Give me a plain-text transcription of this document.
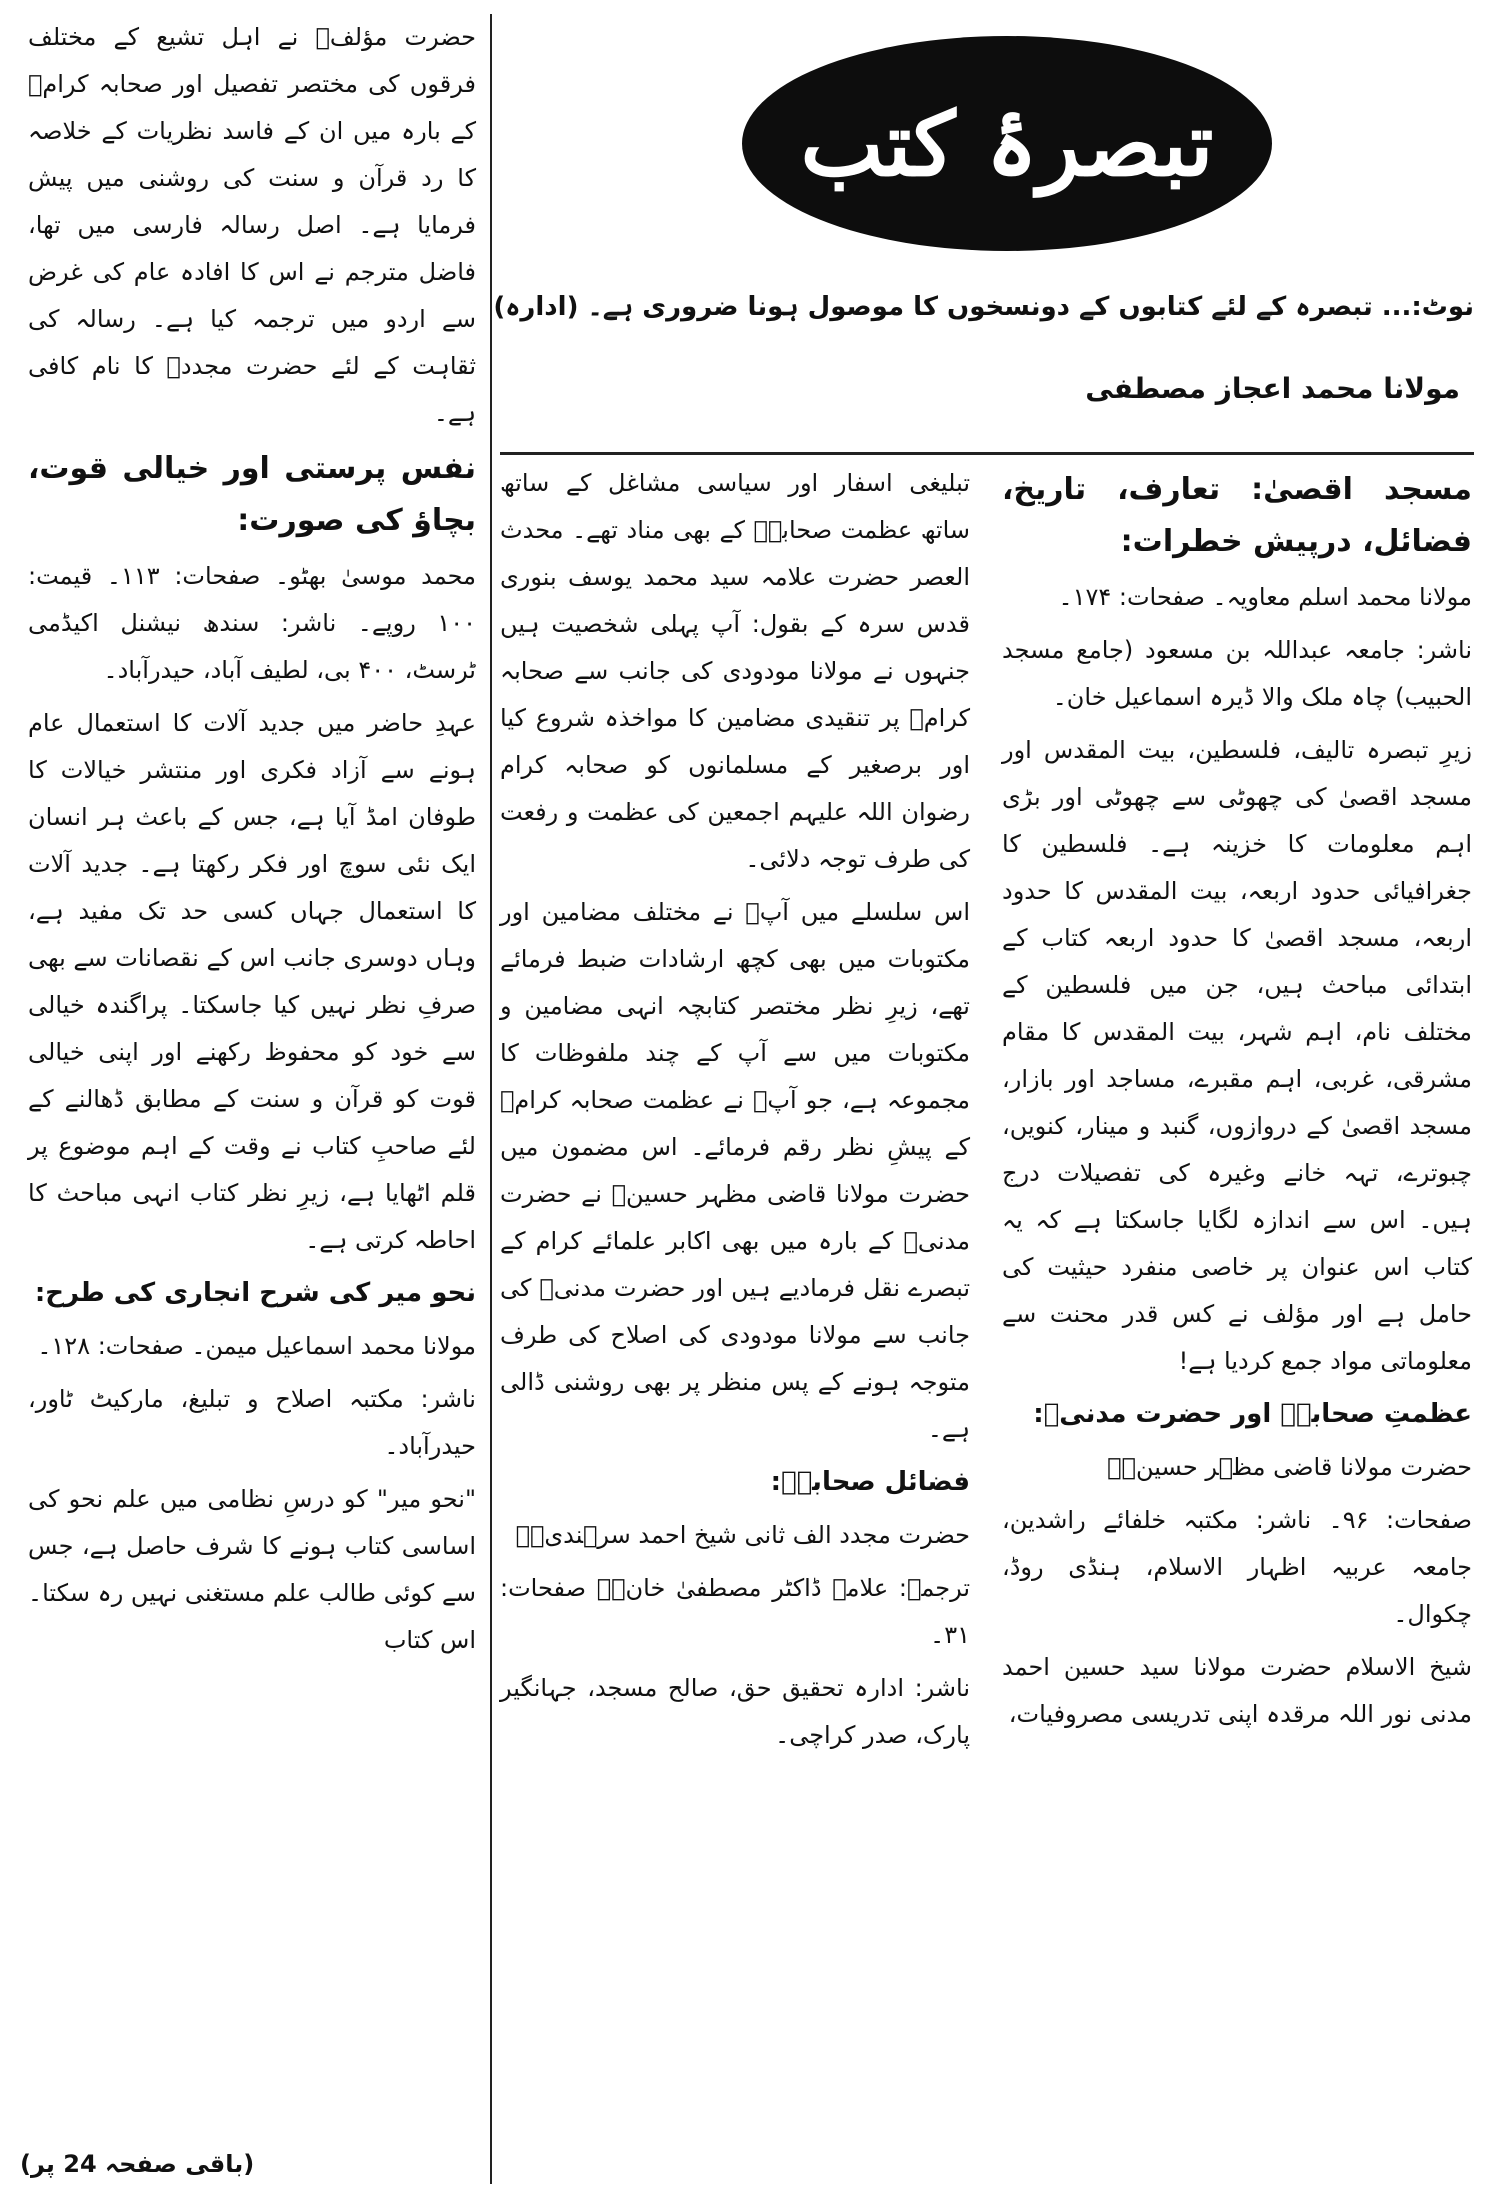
تبصرۂ کتب
نوٹ:... تبصرہ کے لئے کتابوں کے دونسخوں کا موصول ہونا ضروری ہے۔ (ادارہ)
مولانا محمد اعجاز مصطفی

مسجد اقصیٰ: تعارف، تاریخ، فضائل، درپیش خطرات:

مولانا محمد اسلم معاویہ۔ صفحات: ۱۷۴۔

ناشر: جامعہ عبداللہ بن مسعود (جامع مسجد الحبیب) چاہ ملک والا ڈیرہ اسماعیل خان۔

زیرِ تبصرہ تالیف، فلسطین، بیت المقدس اور مسجد اقصیٰ کی چھوٹی سے چھوٹی اور بڑی اہم معلومات کا خزینہ ہے۔ فلسطین کا جغرافیائی حدود اربعہ، بیت المقدس کا حدود اربعہ، مسجد اقصیٰ کا حدود اربعہ کتاب کے ابتدائی مباحث ہیں، جن میں فلسطین کے مختلف نام، اہم شہر، بیت المقدس کا مقام مشرقی، غربی، اہم مقبرے، مساجد اور بازار، مسجد اقصیٰ کے دروازوں، گنبد و مینار، کنویں، چبوترے، تہہ خانے وغیرہ کی تفصیلات درج ہیں۔ اس سے اندازہ لگایا جاسکتا ہے کہ یہ کتاب اس عنوان پر خاصی منفرد حیثیت کی حامل ہے اور مؤلف نے کس قدر محنت سے معلوماتی مواد جمع کردیا ہے!

عظمتِ صحابہؓ اور حضرت مدنیؒ:

حضرت مولانا قاضی مظہر حسینؒ۔

صفحات: ۹۶۔ ناشر: مکتبہ خلفائے راشدین، جامعہ عربیہ اظہار الاسلام، ہنڈی روڈ، چکوال۔

شیخ الاسلام حضرت مولانا سید حسین احمد مدنی نور اللہ مرقدہ اپنی تدریسی مصروفیات،

تبلیغی اسفار اور سیاسی مشاغل کے ساتھ ساتھ عظمت صحابہؓ کے بھی مناد تھے۔ محدث العصر حضرت علامہ سید محمد یوسف بنوری قدس سرہ کے بقول: آپ پہلی شخصیت ہیں جنہوں نے مولانا مودودی کی جانب سے صحابہ کرامؓ پر تنقیدی مضامین کا مواخذہ شروع کیا اور برصغیر کے مسلمانوں کو صحابہ کرام رضوان اللہ علیہم اجمعین کی عظمت و رفعت کی طرف توجہ دلائی۔

اس سلسلے میں آپؒ نے مختلف مضامین اور مکتوبات میں بھی کچھ ارشادات ضبط فرمائے تھے، زیرِ نظر مختصر کتابچہ انہی مضامین و مکتوبات میں سے آپ کے چند ملفوظات کا مجموعہ ہے، جو آپؒ نے عظمت صحابہ کرامؓ کے پیشِ نظر رقم فرمائے۔ اس مضمون میں حضرت مولانا قاضی مظہر حسینؒ نے حضرت مدنیؒ کے بارہ میں بھی اکابر علمائے کرام کے تبصرے نقل فرمادیے ہیں اور حضرت مدنیؒ کی جانب سے مولانا مودودی کی اصلاح کی طرف متوجہ ہونے کے پس منظر پر بھی روشنی ڈالی ہے۔

فضائل صحابہؓ:

حضرت مجدد الف ثانی شیخ احمد سرہندیؒ۔

ترجمہ: علامہ ڈاکٹر مصطفیٰ خانؒ۔ صفحات: ۳۱۔

ناشر: ادارہ تحقیق حق، صالح مسجد، جہانگیر پارک، صدر کراچی۔

حضرت مؤلفؒ نے اہل تشیع کے مختلف فرقوں کی مختصر تفصیل اور صحابہ کرامؓ کے بارہ میں ان کے فاسد نظریات کے خلاصہ کا رد قرآن و سنت کی روشنی میں پیش فرمایا ہے۔ اصل رسالہ فارسی میں تھا، فاضل مترجم نے اس کا افادہ عام کی غرض سے اردو میں ترجمہ کیا ہے۔ رسالہ کی ثقاہت کے لئے حضرت مجددؒ کا نام کافی ہے۔

نفس پرستی اور خیالی قوت، بچاؤ کی صورت:

محمد موسیٰ بھٹو۔ صفحات: ۱۱۳۔ قیمت: ۱۰۰ روپے۔ ناشر: سندھ نیشنل اکیڈمی ٹرسٹ، ۴۰۰ بی، لطیف آباد، حیدرآباد۔

عہدِ حاضر میں جدید آلات کا استعمال عام ہونے سے آزاد فکری اور منتشر خیالات کا طوفان امڈ آیا ہے، جس کے باعث ہر انسان ایک نئی سوچ اور فکر رکھتا ہے۔ جدید آلات کا استعمال جہاں کسی حد تک مفید ہے، وہاں دوسری جانب اس کے نقصانات سے بھی صرفِ نظر نہیں کیا جاسکتا۔ پراگندہ خیالی سے خود کو محفوظ رکھنے اور اپنی خیالی قوت کو قرآن و سنت کے مطابق ڈھالنے کے لئے صاحبِ کتاب نے وقت کے اہم موضوع پر قلم اٹھایا ہے، زیرِ نظر کتاب انہی مباحث کا احاطہ کرتی ہے۔

نحو میر کی شرح انجاری کی طرح:

مولانا محمد اسماعیل میمن۔ صفحات: ۱۲۸۔

ناشر: مکتبہ اصلاح و تبلیغ، مارکیٹ ٹاور، حیدرآباد۔

"نحو میر" کو درسِ نظامی میں علم نحو کی اساسی کتاب ہونے کا شرف حاصل ہے، جس سے کوئی طالب علم مستغنی نہیں رہ سکتا۔ اس کتاب

(باقی صفحہ 24 پر)
